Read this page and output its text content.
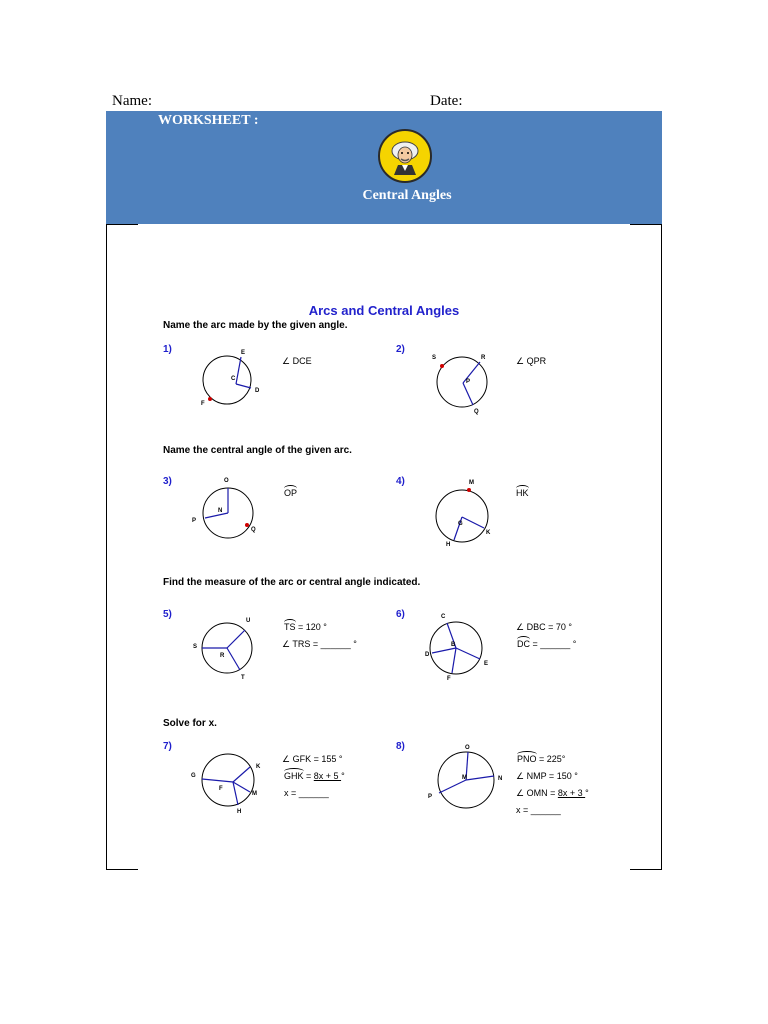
Name:	Date:
WORKSHEET :
Central Angles
Arcs and Central Angles
Name the arc made by the given angle.
Name the central angle of the given arc.
Find the measure of the arc or central angle indicated.
Solve for x.
1)	E
C
D
F
∠ DCE
2)
S	R
P
Q
∠ QPR
3)	O
N
P
Q
OP
4)	M
G
H
K
HK
5)
U
S
R
T
TS = 120 °
∠ TRS = ______ °
6)	C
B
D
E
F
∠ DBC = 70 °
DC = ______ °
7)
G
K
F
M
H
∠ GFK = 155 °
GHK = 8x + 5 °
x = ______
8)	O
M	N
P
PNO = 225°
∠ NMP = 150 °
∠ OMN = 8x + 3 °
x = ______
